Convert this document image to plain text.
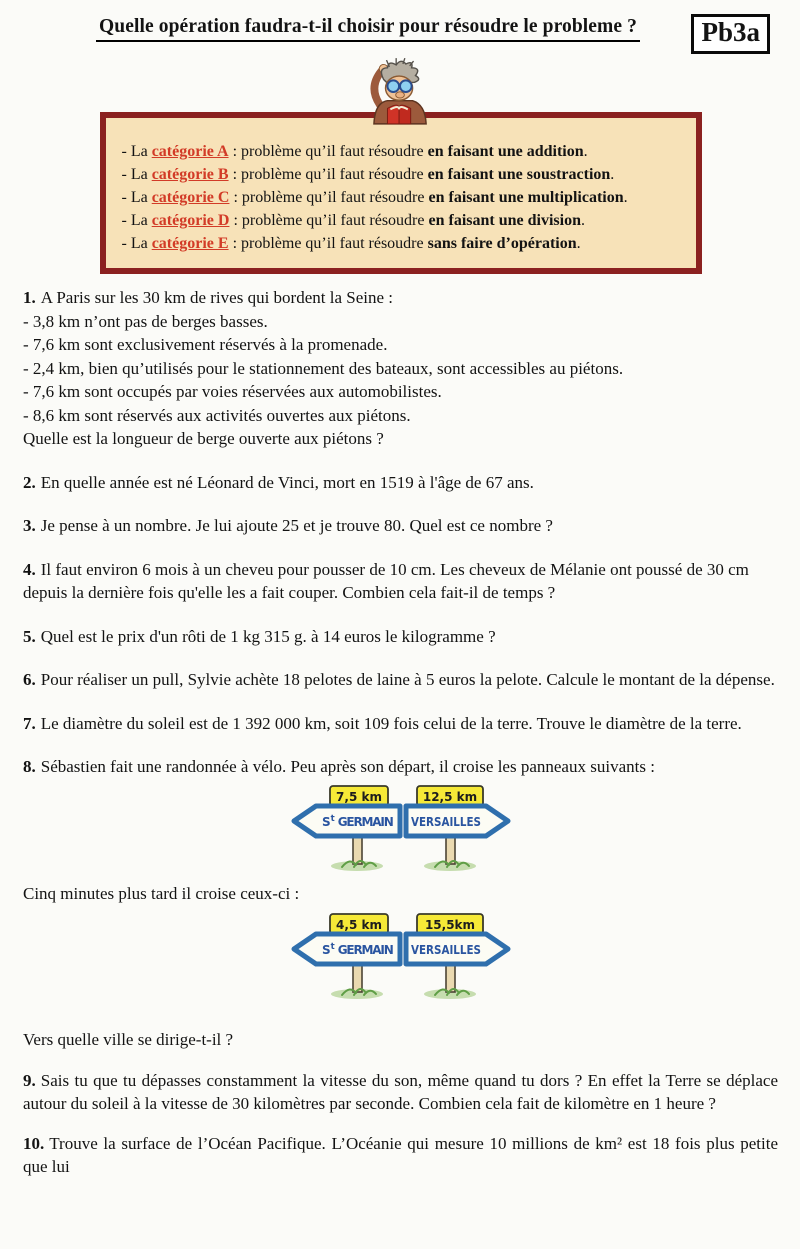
Quelle opération faudra-t-il choisir pour résoudre le probleme ?	Pb3a
- La catégorie A : problème qu’il faut résoudre en faisant une addition.
- La catégorie B : problème qu’il faut résoudre en faisant une soustraction.
- La catégorie C : problème qu’il faut résoudre en faisant une multiplication.
- La catégorie D : problème qu’il faut résoudre en faisant une division.
- La catégorie E : problème qu’il faut résoudre sans faire d’opération.
1. A Paris sur les 30 km de rives qui bordent la Seine :
- 3,8 km n’ont pas de berges basses.
- 7,6 km sont exclusivement réservés à la promenade.
- 2,4 km, bien qu’utilisés pour le stationnement des bateaux, sont accessibles au piétons.
- 7,6 km sont occupés par voies réservées aux automobilistes.
- 8,6 km sont réservés aux activités ouvertes aux piétons.
Quelle est la longueur de berge ouverte aux piétons ?

2. En quelle année est né Léonard de Vinci, mort en 1519 à l'âge de 67 ans.

3. Je pense à un nombre. Je lui ajoute 25 et je trouve 80. Quel est ce nombre ?

4. Il faut environ 6 mois à un cheveu pour pousser de 10 cm. Les cheveux de Mélanie ont poussé de 30 cm depuis la dernière fois qu'elle les a fait couper. Combien cela fait-il de temps ?

5. Quel est le prix d'un rôti de 1 kg 315 g. à 14 euros le kilogramme ?

6. Pour réaliser un pull, Sylvie achète 18 pelotes de laine à 5 euros la pelote. Calcule le montant de la dépense.

7. Le diamètre du soleil est de 1 392 000 km, soit 109 fois celui de la terre. Trouve le diamètre de la terre.

8. Sébastien fait une randonnée à vélo. Peu après son départ, il croise les panneaux suivants :

7,5 km	12,5 km
$S^t$ GERMAIN VERSAILLES

Cinq minutes plus tard il croise ceux-ci :

4,5 km	15,5km
$S^t$ GERMAIN VERSAILLES

Vers quelle ville se dirige-t-il ?

9. Sais tu que tu dépasses constamment la vitesse du son, même quand tu dors ? En effet la Terre se déplace autour du soleil à la vitesse de 30 kilomètres par seconde. Combien cela fait de kilomètre en 1 heure ?

10. Trouve la surface de l’Océan Pacifique. L’Océanie qui mesure 10 millions de km² est 18 fois plus petite que lui
